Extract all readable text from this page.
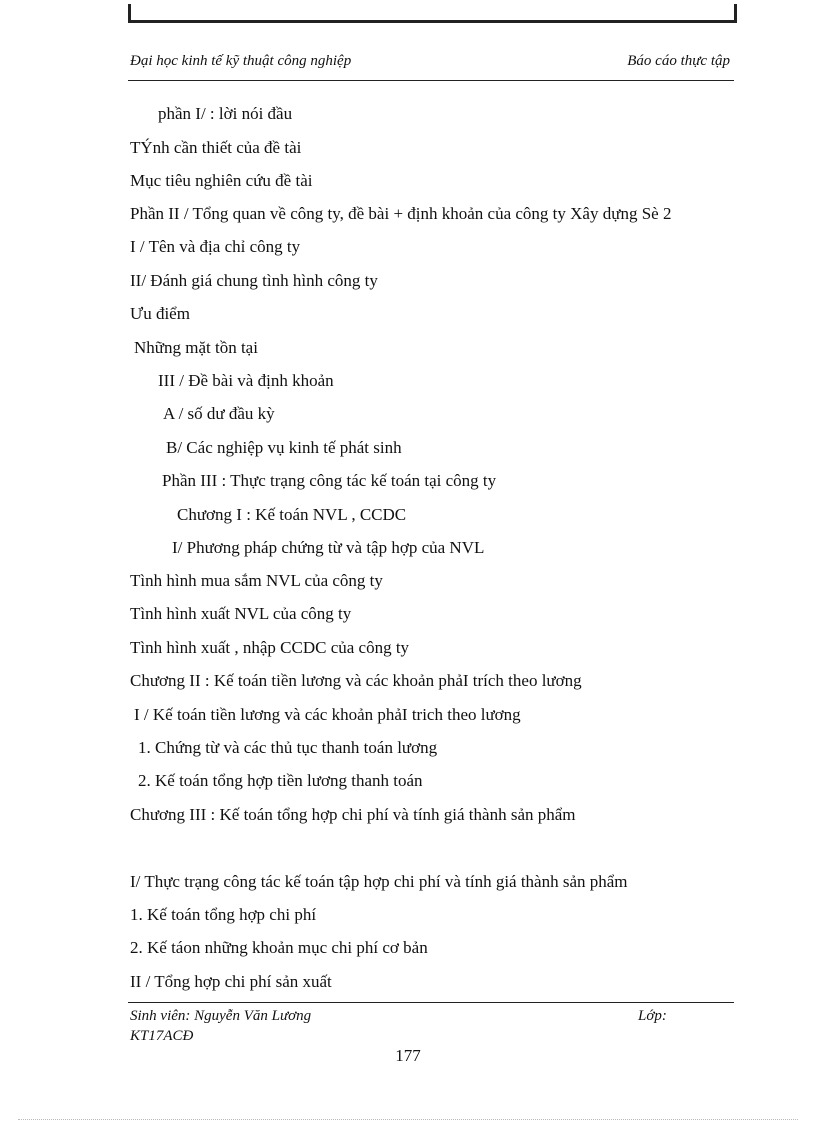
Đại học kinh tế kỹ thuật công nghiệp	Báo cáo thực tập
phần I/ : lời nói đầu
TÝnh cần thiết của đề tài
Mục tiêu nghiên cứu đề tài
Phần II / Tổng quan về công ty, đề bài + định khoản của công ty Xây dựng Sè 2
I / Tên và địa chỉ công ty
II/ Đánh giá chung tình hình công ty
Ưu điểm
Những mặt tồn tại
III / Đề bài và định khoản
A / số dư đầu kỳ
B/ Các nghiệp vụ kinh tế phát sinh
Phần III : Thực trạng công tác kế toán tại công ty
Chương I : Kế toán NVL , CCDC
I/ Phương pháp chứng từ và tập hợp của NVL
Tình hình mua sắm NVL của công ty
Tình hình xuất NVL của công ty
Tình hình xuất , nhập CCDC của công ty
Chương II : Kế toán tiền lương và các khoản phảI trích theo lương
I / Kế toán tiền lương và các khoản phảI trich theo lương
1. Chứng từ và các thủ tục thanh toán lương
2. Kế toán tổng hợp tiền lương thanh toán
Chương III : Kế toán tổng hợp chi phí và tính giá thành sản phẩm
I/ Thực trạng công tác kế toán tập hợp chi phí và tính giá thành sản phẩm
1. Kế toán tổng hợp chi phí
2. Kế táon những khoản mục chi phí cơ bản
II / Tổng hợp chi phí sản xuất
Sinh viên: Nguyễn Văn Lương	Lớp:
KT17ACĐ
177
